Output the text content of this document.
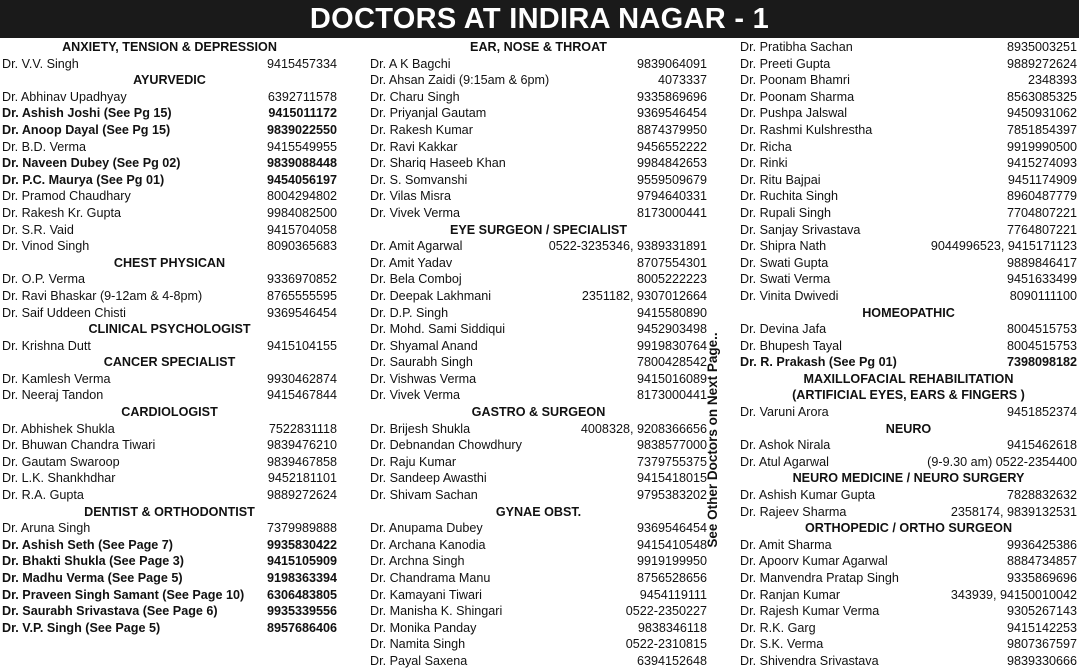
DOCTORS AT INDIRA NAGAR - 1
ANXIETY, TENSION & DEPRESSION
Dr. V.V. Singh	9415457334
AYURVEDIC
Dr. Abhinav Upadhyay	6392711578
Dr. Ashish Joshi (See Pg 15)	9415011172
Dr. Anoop Dayal (See Pg 15)	9839022550
Dr. B.D. Verma	9415549955
Dr. Naveen Dubey (See Pg 02)	9839088448
Dr. P.C. Maurya (See Pg 01)	9454056197
Dr. Pramod Chaudhary	8004294802
Dr. Rakesh Kr. Gupta	9984082500
Dr. S.R. Vaid	9415704058
Dr. Vinod Singh	8090365683
CHEST PHYSICAN
Dr. O.P. Verma	9336970852
Dr. Ravi Bhaskar (9-12am & 4-8pm)	8765555595
Dr. Saif Uddeen Chisti	9369546454
CLINICAL PSYCHOLOGIST
Dr. Krishna Dutt	9415104155
CANCER SPECIALIST
Dr. Kamlesh Verma	9930462874
Dr. Neeraj Tandon	9415467844
CARDIOLOGIST
Dr. Abhishek Shukla	7522831118
Dr. Bhuwan Chandra Tiwari	9839476210
Dr. Gautam Swaroop	9839467858
Dr. L.K. Shankhdhar	9452181101
Dr. R.A. Gupta	9889272624
DENTIST & ORTHODONTIST
Dr. Aruna Singh	7379989888
Dr. Ashish Seth (See Page 7)	9935830422
Dr. Bhakti Shukla (See Page 3)	9415105909
Dr. Madhu Verma (See Page 5)	9198363394
Dr. Praveen Singh Samant (See Page 10) 6306483805
Dr. Saurabh Srivastava (See Page 6)	9935339556
Dr. V.P. Singh (See Page 5)	8957686406
EAR, NOSE & THROAT
Dr. A K Bagchi	9839064091
Dr. Ahsan Zaidi (9:15am & 6pm)	4073337
Dr. Charu Singh	9335869696
Dr. Priyanjal Gautam	9369546454
Dr. Rakesh Kumar	8874379950
Dr. Ravi Kakkar	9456552222
Dr. Shariq Haseeb Khan	9984842653
Dr. S. Somvanshi	9559509679
Dr. Vilas Misra	9794640331
Dr. Vivek Verma	8173000441
EYE SURGEON / SPECIALIST
Dr. Amit Agarwal	0522-3235346, 9389331891
Dr. Amit Yadav	8707554301
Dr. Bela Comboj	8005222223
Dr. Deepak Lakhmani	2351182, 9307012664
Dr. D.P. Singh	9415580890
Dr. Mohd. Sami Siddiqui	9452903498
Dr. Shyamal Anand	9919830764
Dr. Saurabh Singh	7800428542
Dr. Vishwas Verma	9415016089
Dr. Vivek Verma	8173000441
GASTRO & SURGEON
Dr. Brijesh Shukla	4008328, 9208366656
Dr. Debnandan Chowdhury	9838577000
Dr. Raju Kumar	7379755375
Dr. Sandeep Awasthi	9415418015
Dr. Shivam Sachan	9795383202
GYNAE OBST.
Dr. Anupama Dubey	9369546454
Dr. Archana Kanodia	9415410548
Dr. Archna Singh	9919199950
Dr. Chandrama Manu	8756528656
Dr. Kamayani Tiwari	9454119111
Dr. Manisha K. Shingari	0522-2350227
Dr. Monika Panday	9838346118
Dr. Namita Singh	0522-2310815
Dr. Payal Saxena	6394152648
Dr. Pratibha Sachan	8935003251
Dr. Preeti Gupta	9889272624
Dr. Poonam Bhamri	2348393
Dr. Poonam Sharma	8563085325
Dr. Pushpa Jalswal	9450931062
Dr. Rashmi Kulshrestha	7851854397
Dr. Richa	9919990500
Dr. Rinki	9415274093
Dr. Ritu Bajpai	9451174909
Dr. Ruchita Singh	8960487779
Dr. Rupali Singh	7704807221
Dr. Sanjay Srivastava	7764807221
Dr. Shipra Nath	9044996523, 9415171123
Dr. Swati Gupta	9889846417
Dr. Swati Verma	9451633499
Dr. Vinita Dwivedi	8090111100
HOMEOPATHIC
Dr. Devina Jafa	8004515753
Dr. Bhupesh Tayal	8004515753
Dr. R. Prakash (See Pg 01)	7398098182
MAXILLOFACIAL REHABILITATION
(ARTIFICIAL EYES, EARS & FINGERS )
Dr. Varuni Arora	9451852374
NEURO
Dr. Ashok Nirala	9415462618
Dr. Atul Agarwal	(9-9.30 am) 0522-2354400
NEURO MEDICINE / NEURO SURGERY
Dr. Ashish Kumar Gupta	7828832632
Dr. Rajeev Sharma	2358174, 9839132531
ORTHOPEDIC / ORTHO SURGEON
Dr. Amit Sharma	9936425386
Dr. Apoorv Kumar Agarwal	8884734857
Dr. Manvendra Pratap Singh	9335869696
Dr. Ranjan Kumar	343939, 94150010042
Dr. Rajesh Kumar Verma	9305267143
Dr. R.K. Garg	9415142253
Dr. S.K. Verma	9807367597
Dr. Shivendra Srivastava	9839330666
See Other Doctors on Next Page..
